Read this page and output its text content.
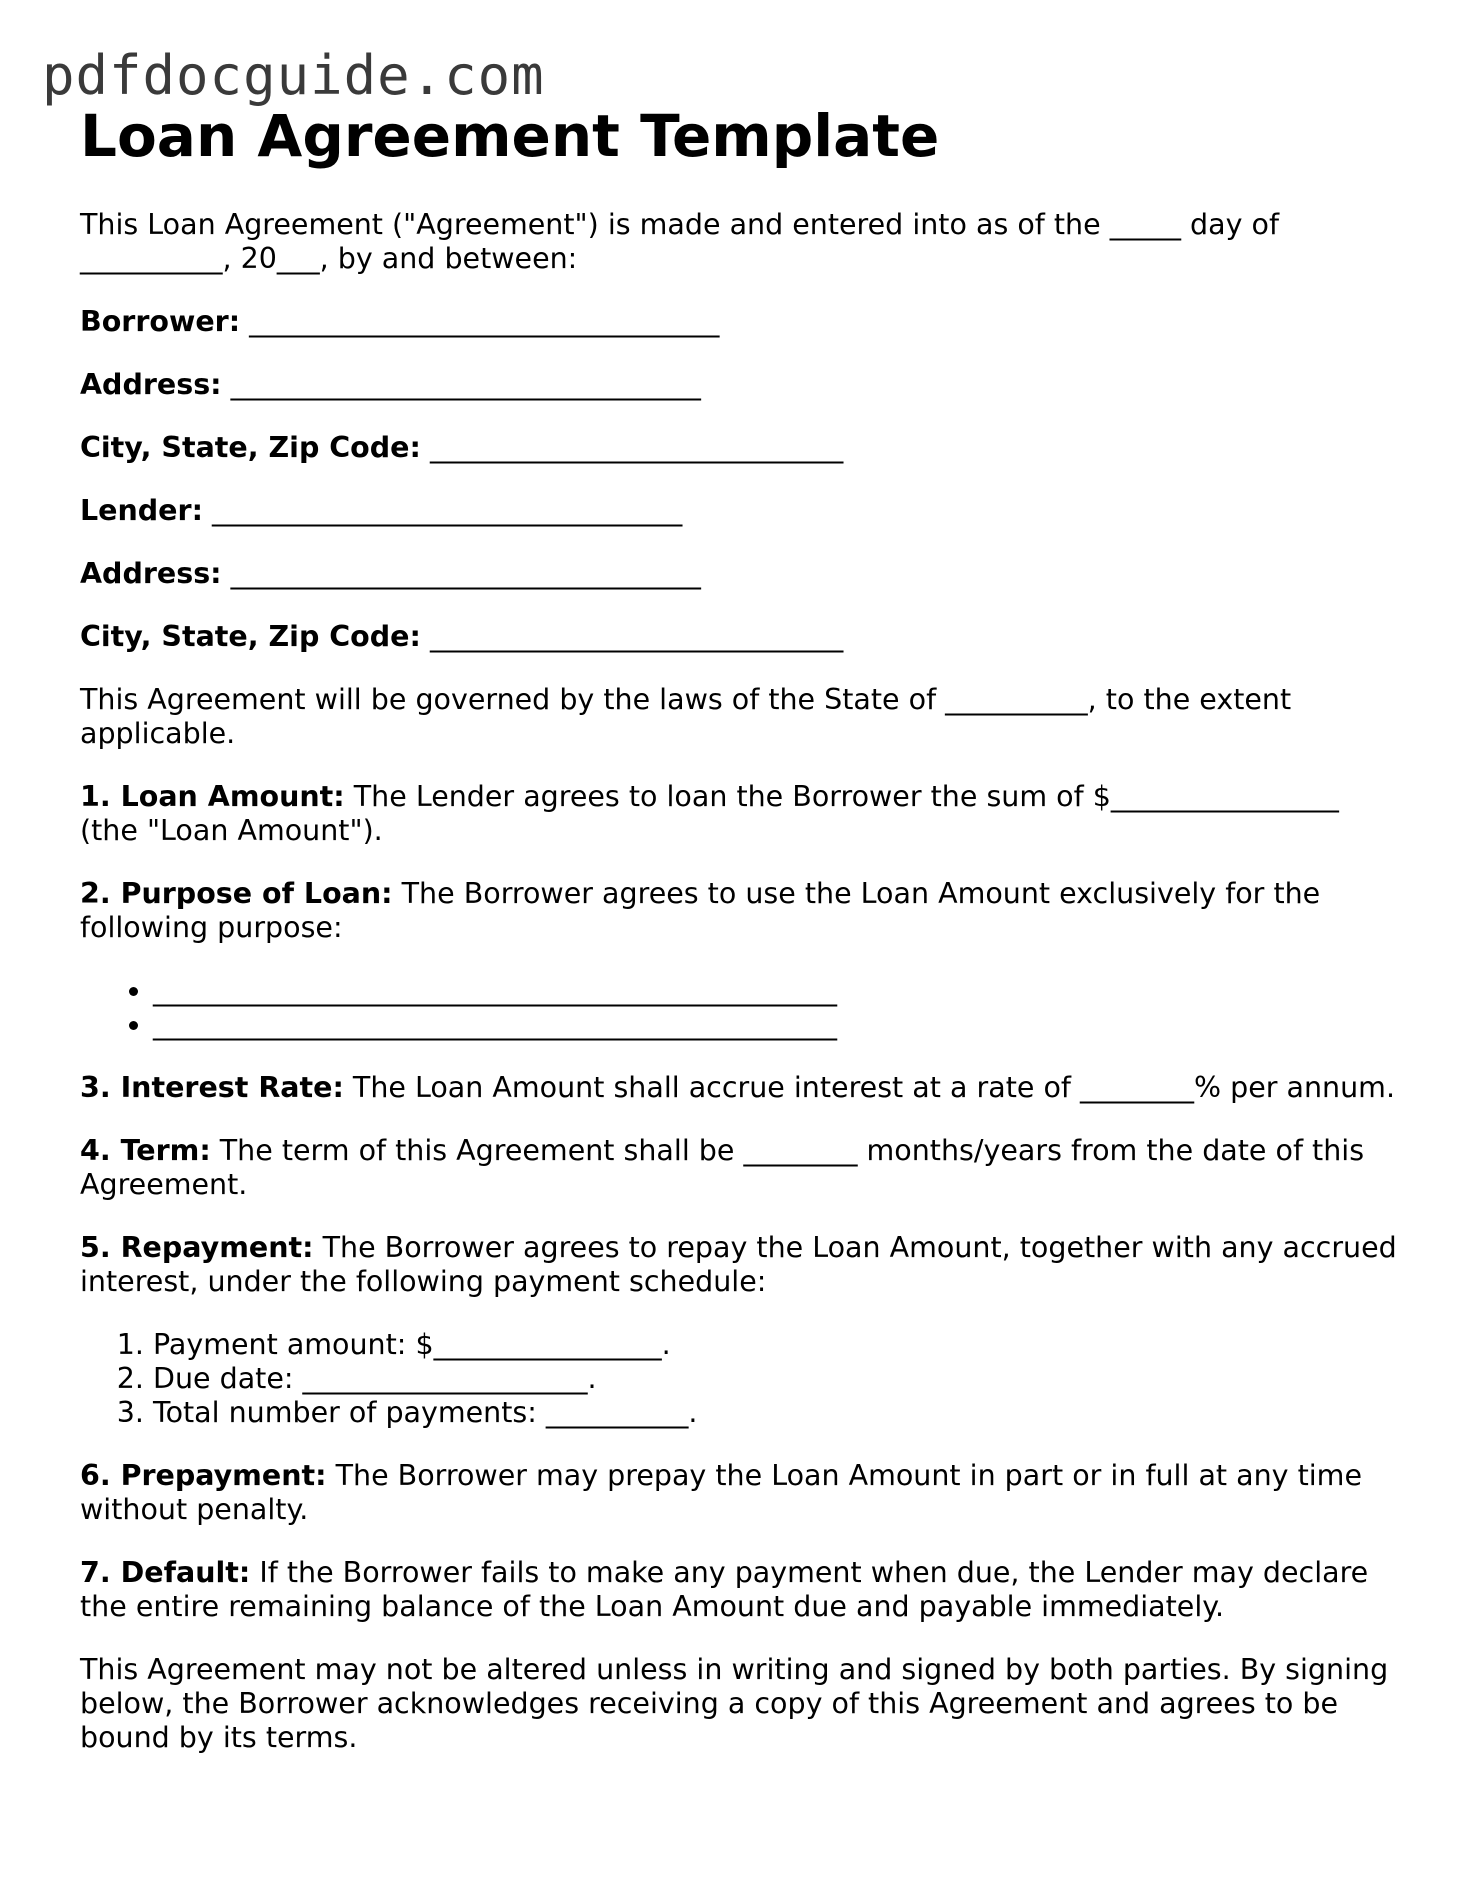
pdfdocguide.com
Loan Agreement Template

This Loan Agreement ("Agreement") is made and entered into as of the _____ day of __________, 20___, by and between:

Borrower: _________________________________

Address: _________________________________

City, State, Zip Code: _____________________________

Lender: _________________________________

Address: _________________________________

City, State, Zip Code: _____________________________

This Agreement will be governed by the laws of the State of __________, to the extent applicable.

1. Loan Amount: The Lender agrees to loan the Borrower the sum of $________________ (the "Loan Amount").

2. Purpose of Loan: The Borrower agrees to use the Loan Amount exclusively for the following purpose:

• ________________________________________________
• ________________________________________________

3. Interest Rate: The Loan Amount shall accrue interest at a rate of ________% per annum.

4. Term: The term of this Agreement shall be ________ months/years from the date of this Agreement.

5. Repayment: The Borrower agrees to repay the Loan Amount, together with any accrued interest, under the following payment schedule:

1. Payment amount: $________________.
2. Due date: ____________________.
3. Total number of payments: __________.

6. Prepayment: The Borrower may prepay the Loan Amount in part or in full at any time without penalty.

7. Default: If the Borrower fails to make any payment when due, the Lender may declare the entire remaining balance of the Loan Amount due and payable immediately.

This Agreement may not be altered unless in writing and signed by both parties. By signing below, the Borrower acknowledges receiving a copy of this Agreement and agrees to be bound by its terms.
